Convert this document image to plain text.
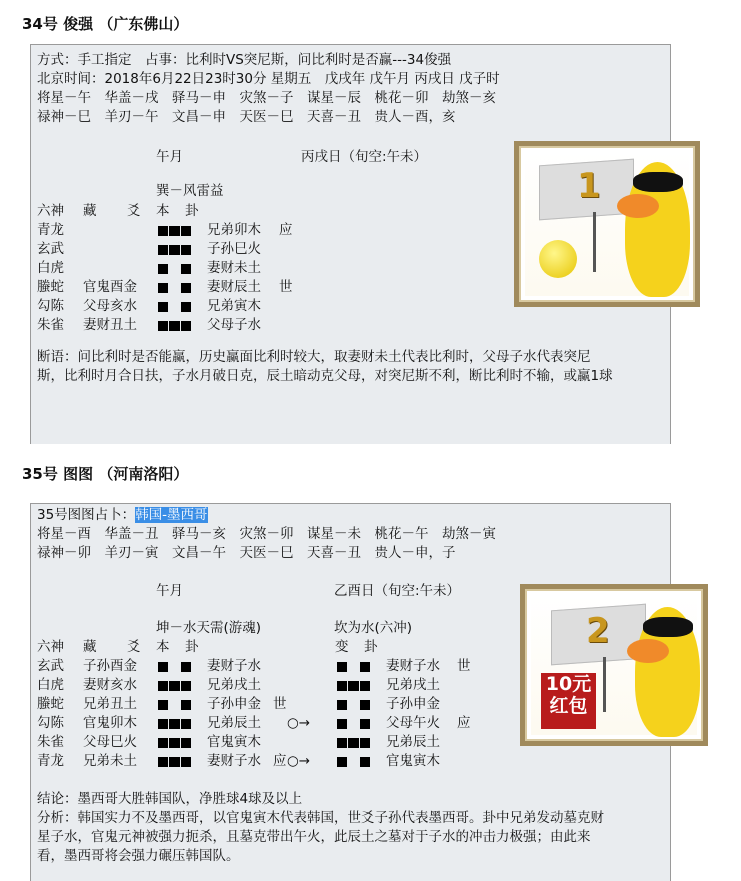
34号 俊强 （广东佛山）
方式：手工指定　占事：比利时VS突尼斯，问比利时是否赢---34俊强
北京时间：2018年6月22日23时30分 星期五　戊戌年 戊午月 丙戌日 戊子时
将星－午　华盖－戌　驿马－申　灾煞－子　谋星－辰　桃花－卯　劫煞－亥
禄神－巳　羊刃－午　文昌－申　天医－巳　天喜－丑　贵人－酉，亥
午月	丙戌日（旬空:午未）
巽－风雷益
六神 藏 爻 本 卦
青龙	兄弟卯木 应
玄武	子孙巳火
白虎	妻财未土
螣蛇 官鬼酉金	妻财辰土 世
勾陈 父母亥水	兄弟寅木
朱雀 妻财丑土	父母子水
断语：问比利时是否能赢，历史赢面比利时较大，取妻财未土代表比利时，父母子水代表突尼
斯，比利时月合日扶，子水月破日克，辰土暗动克父母，对突尼斯不利，断比利时不输，或赢1球
1
35号 图图 （河南洛阳）
35号图图占卜：韩国-墨西哥
将星－酉　华盖－丑　驿马－亥　灾煞－卯　谋星－未　桃花－午　劫煞－寅
禄神－卯　羊刃－寅　文昌－午　天医－巳　天喜－丑　贵人－申，子
午月	乙酉日（旬空:午未）
坤－水天需(游魂)	坎为水(六冲)
六神 藏 爻 本 卦	变 卦
玄武 子孙酉金	妻财子水	妻财子水 世
白虎 妻财亥水	兄弟戌土	兄弟戌土
螣蛇 兄弟丑土	子孙申金 世	子孙申金
勾陈 官鬼卯木	兄弟辰土 ○→	父母午火 应
朱雀 父母巳火	官鬼寅木	兄弟辰土
青龙 兄弟未土	妻财子水 应 ○→	官鬼寅木
结论：墨西哥大胜韩国队，净胜球4球及以上
分析：韩国实力不及墨西哥，以官鬼寅木代表韩国，世爻子孙代表墨西哥。卦中兄弟发动墓克财
星子水，官鬼元神被强力扼杀，且墓克带出午火，此辰土之墓对于子水的冲击力极强；由此来
看，墨西哥将会强力碾压韩国队。
2
10元
红包
